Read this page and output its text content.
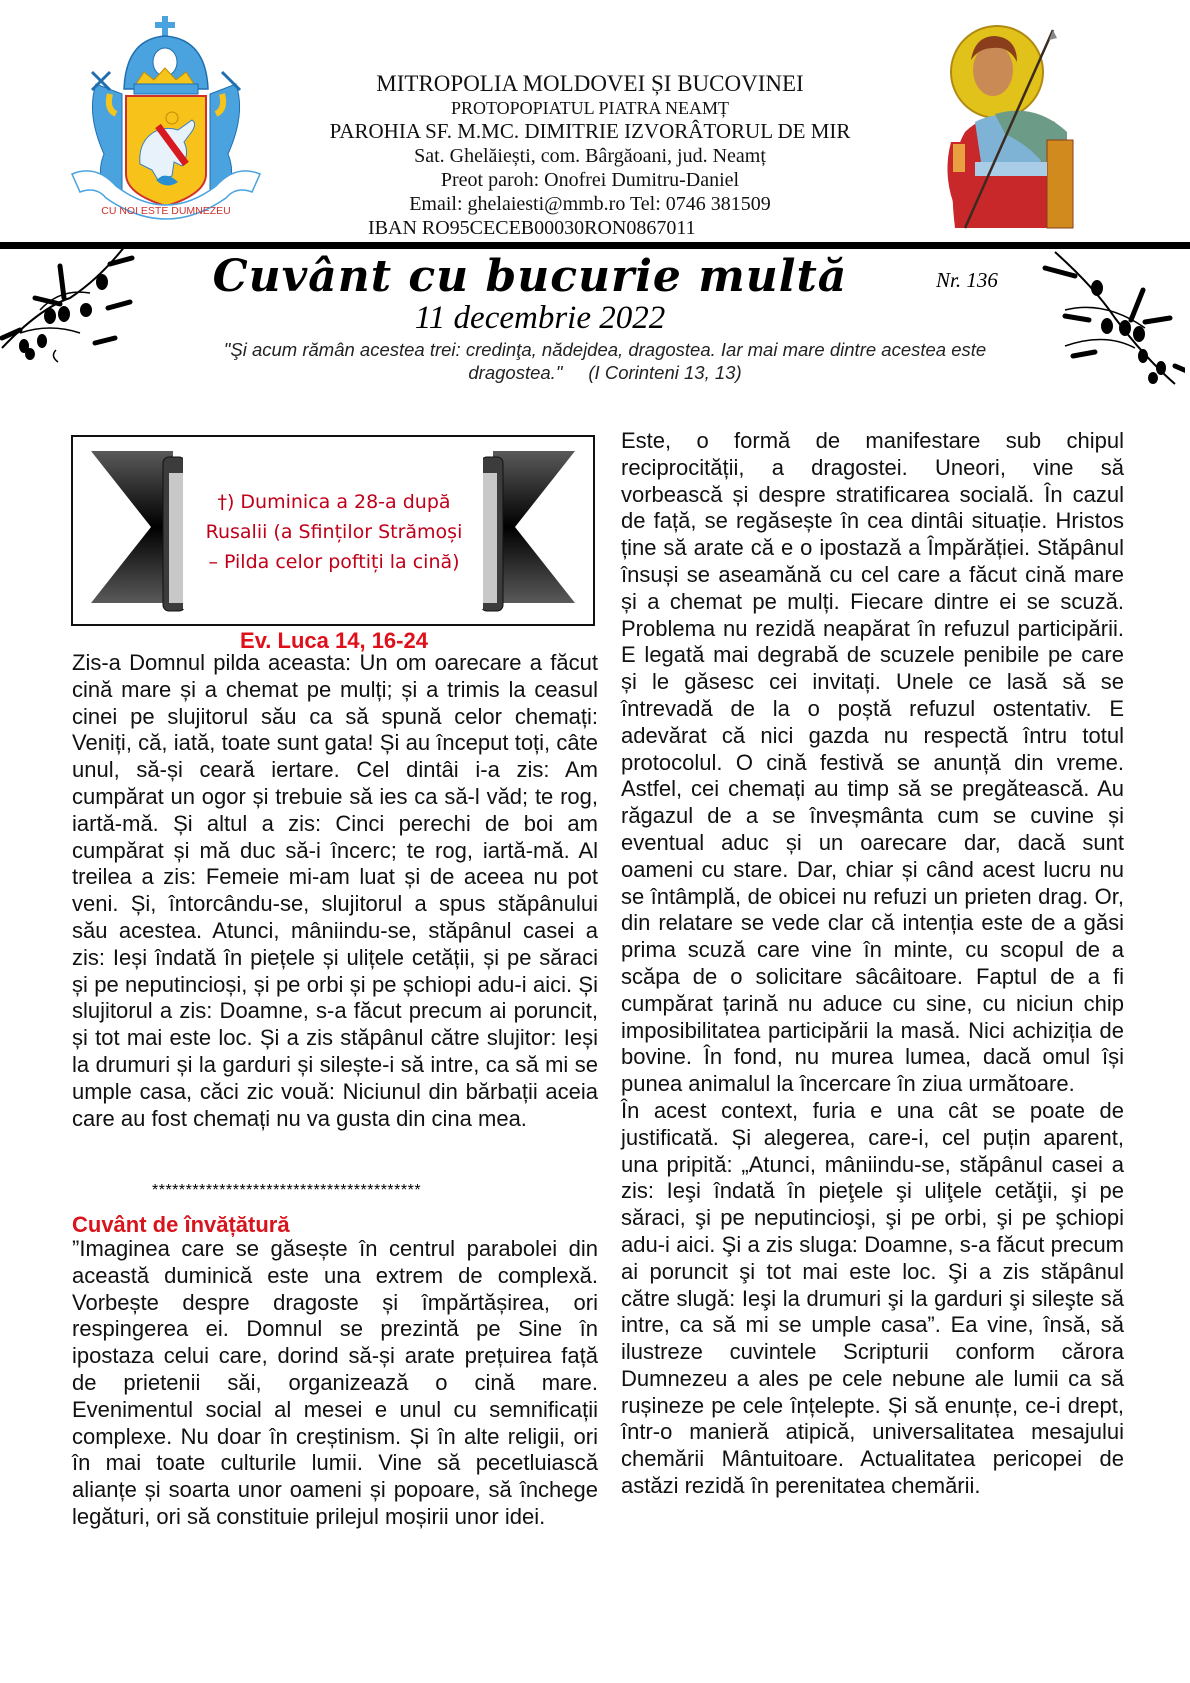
CU NOI ESTE DUMNEZEU
MITROPOLIA MOLDOVEI ȘI BUCOVINEI
PROTOPOPIATUL PIATRA NEAMȚ
PAROHIA SF. M.MC. DIMITRIE IZVORÂTORUL DE MIR
Sat. Ghelăiești, com. Bârgăoani, jud. Neamț
Preot paroh: Onofrei Dumitru-Daniel
Email: ghelaiesti@mmb.ro Tel: 0746 381509
IBAN RO95CECEB00030RON0867011
Cuvânt cu bucurie multă	Nr. 136
11 decembrie 2022
"Şi acum rămân acestea trei: credinţa, nădejdea, dragostea. Iar mai mare dintre acestea este dragostea." (I Corinteni 13, 13)
†) Duminica a 28-a după
Rusalii (a Sfinților Strămoși
– Pilda celor poftiți la cină)
Ev. Luca 14, 16-24

Zis-a Domnul pilda aceasta: Un om oarecare a făcut cină mare și a chemat pe mulți; și a trimis la ceasul cinei pe slujitorul său ca să spună celor chemați: Veniți, că, iată, toate sunt gata! Și au început toți, câte unul, să-și ceară iertare. Cel dintâi i-a zis: Am cumpărat un ogor și trebuie să ies ca să-l văd; te rog, iartă-mă. Și altul a zis: Cinci perechi de boi am cumpărat și mă duc să-i încerc; te rog, iartă-mă. Al treilea a zis: Femeie mi-am luat și de aceea nu pot veni. Și, întorcându-se, slujitorul a spus stăpânului său acestea. Atunci, mâniindu-se, stăpânul casei a zis: Ieși îndată în piețele și ulițele cetății, și pe săraci și pe neputincioși, și pe orbi și pe șchiopi adu-i aici. Și slujitorul a zis: Doamne, s-a făcut precum ai poruncit, și tot mai este loc. Și a zis stăpânul către slujitor: Ieși la drumuri și la garduri și silește-i să intre, ca să mi se umple casa, căci zic vouă: Niciunul din bărbații aceia care au fost chemați nu va gusta din cina mea.

****************************************
Cuvânt de învățătură

”Imaginea care se găsește în centrul parabolei din această duminică este una extrem de complexă. Vorbește despre dragoste și împărtășirea, ori respingerea ei. Domnul se prezintă pe Sine în ipostaza celui care, dorind să-și arate prețuirea față de prietenii săi, organizează o cină mare. Evenimentul social al mesei e unul cu semnificații complexe. Nu doar în creștinism. Și în alte religii, ori în mai toate culturile lumii. Vine să pecetluiască alianțe și soarta unor oameni și popoare, să închege legături, ori să constituie prilejul moșirii unor idei.

Este, o formă de manifestare sub chipul reciprocității, a dragostei. Uneori, vine să vorbească și despre stratificarea socială. În cazul de față, se regăsește în cea dintâi situație. Hristos ține să arate că e o ipostază a Împărăției. Stăpânul însuși se aseamănă cu cel care a făcut cină mare și a chemat pe mulți. Fiecare dintre ei se scuză. Problema nu rezidă neapărat în refuzul participării. E legată mai degrabă de scuzele penibile pe care și le găsesc cei invitați. Unele ce lasă să se întrevadă de la o poștă refuzul ostentativ. E adevărat că nici gazda nu respectă întru totul protocolul. O cină festivă se anunță din vreme. Astfel, cei chemați au timp să se pregătească. Au răgazul de a se înveșmânta cum se cuvine și eventual aduc și un oarecare dar, dacă sunt oameni cu stare. Dar, chiar și când acest lucru nu se întâmplă, de obicei nu refuzi un prieten drag. Or, din relatare se vede clar că intenția este de a găsi prima scuză care vine în minte, cu scopul de a scăpa de o solicitare sâcâitoare. Faptul de a fi cumpărat țarină nu aduce cu sine, cu niciun chip imposibilitatea participării la masă. Nici achiziția de bovine. În fond, nu murea lumea, dacă omul își punea animalul la încercare în ziua următoare.

În acest context, furia e una cât se poate de justificată. Și alegerea, care-i, cel puțin aparent, una pripită: „Atunci, mâniindu-se, stăpânul casei a zis: Ieşi îndată în pieţele şi uliţele cetăţii, şi pe săraci, şi pe neputincioşi, şi pe orbi, şi pe şchiopi adu-i aici. Şi a zis sluga: Doamne, s-a făcut precum ai poruncit şi tot mai este loc. Şi a zis stăpânul către slugă: Ieşi la drumuri şi la garduri şi sileşte să intre, ca să mi se umple casa”. Ea vine, însă, să ilustreze cuvintele Scripturii conform cărora Dumnezeu a ales pe cele nebune ale lumii ca să rușineze pe cele înțelepte. Și să enunțe, ce-i drept, într-o manieră atipică, universalitatea mesajului chemării Mântuitoare. Actualitatea pericopei de astăzi rezidă în perenitatea chemării.
